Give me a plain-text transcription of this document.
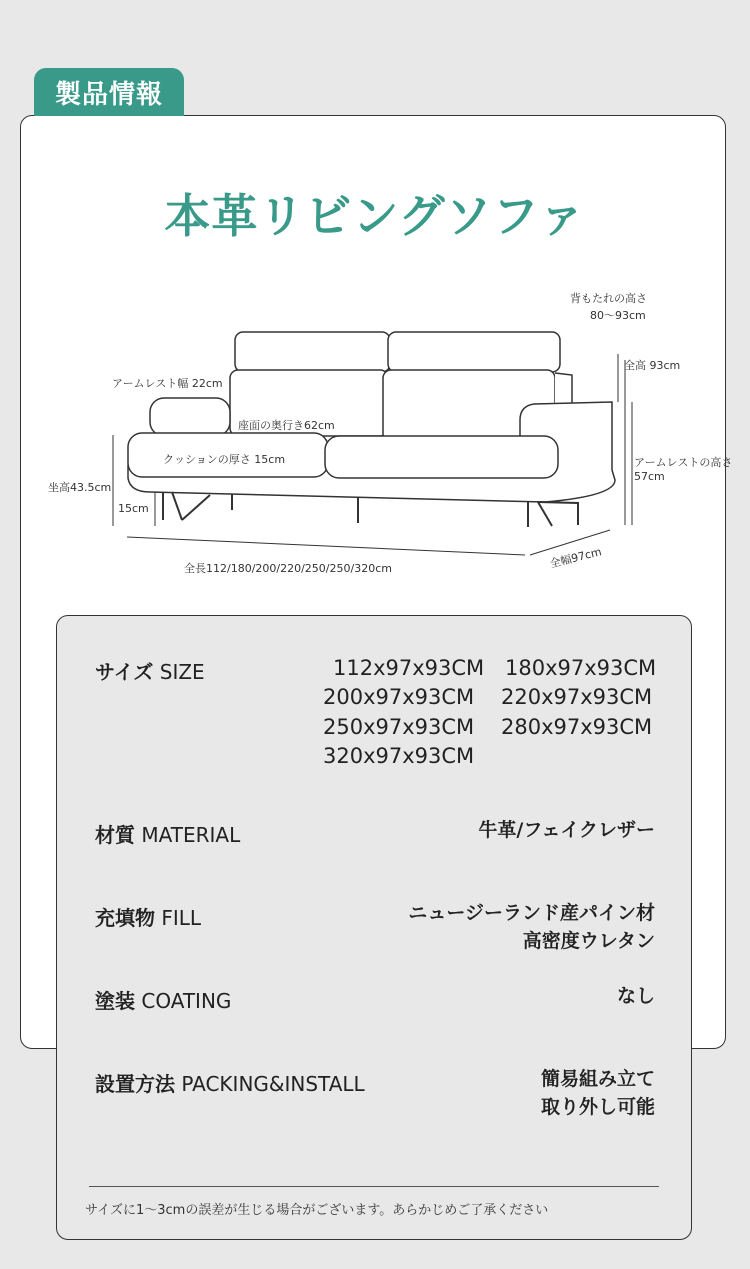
製品情報
本革リビングソファ
背もたれの高さ
80〜93cm
全高 93cm
アームレスト幅 22cm
座面の奥行き62cm
クッションの厚さ 15cm	アームレストの高さ
57cm
坐高43.5cm
15cm
全長112/180/200/220/250/250/320cm	全幅97cm
サイズ SIZE	112x97x93CM 180x97x93CM
200x97x93CM 220x97x93CM
250x97x93CM 280x97x93CM
320x97x93CM
材質 MATERIAL	牛革/フェイクレザー
充填物 FILL	ニュージーランド産パイン材
高密度ウレタン
塗装 COATING	なし
設置方法 PACKING&INSTALL	簡易組み立て
取り外し可能
サイズに1〜3cmの誤差が生じる場合がございます。あらかじめご了承ください
